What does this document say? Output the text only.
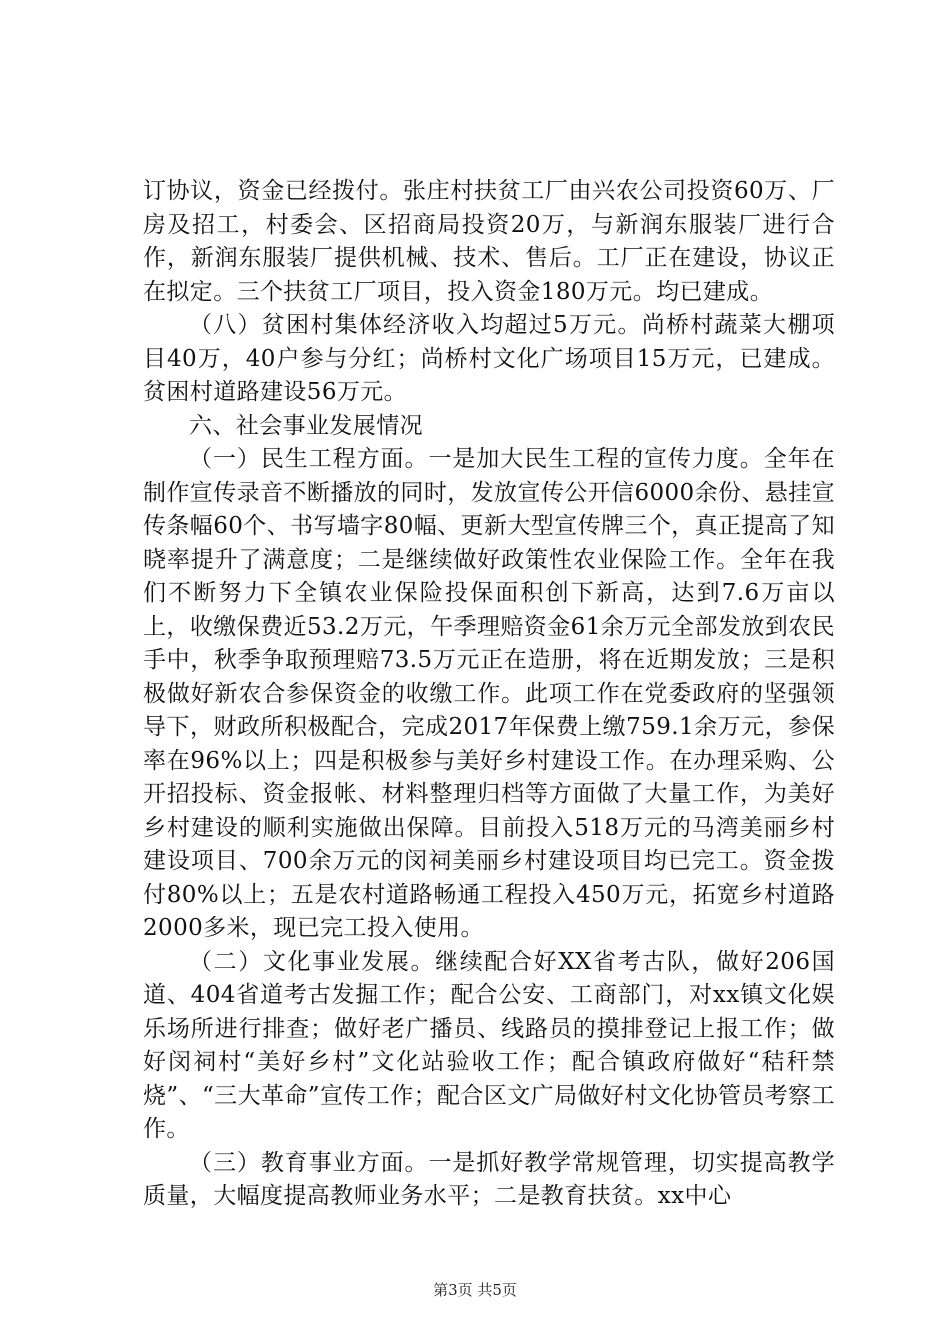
订协议，资金已经拨付。张庄村扶贫工厂由兴农公司投资60万、厂房及招工，村委会、区招商局投资20万，与新润东服装厂进行合作，新润东服装厂提供机械、技术、售后。工厂正在建设，协议正在拟定。三个扶贫工厂项目，投入资金180万元。均已建成。

（八）贫困村集体经济收入均超过5万元。尚桥村蔬菜大棚项目40万，40户参与分红；尚桥村文化广场项目15万元，已建成。贫困村道路建设56万元。

六、社会事业发展情况

（一）民生工程方面。一是加大民生工程的宣传力度。全年在制作宣传录音不断播放的同时，发放宣传公开信6000余份、悬挂宣传条幅60个、书写墙字80幅、更新大型宣传牌三个，真正提高了知晓率提升了满意度；二是继续做好政策性农业保险工作。全年在我们不断努力下全镇农业保险投保面积创下新高，达到7.6万亩以上，收缴保费近53.2万元，午季理赔资金61余万元全部发放到农民手中，秋季争取预理赔73.5万元正在造册，将在近期发放；三是积极做好新农合参保资金的收缴工作。此项工作在党委政府的坚强领导下，财政所积极配合，完成2017年保费上缴759.1余万元，参保率在96%以上；四是积极参与美好乡村建设工作。在办理采购、公开招投标、资金报帐、材料整理归档等方面做了大量工作，为美好乡村建设的顺利实施做出保障。目前投入518万元的马湾美丽乡村建设项目、700余万元的闵祠美丽乡村建设项目均已完工。资金拨付80%以上；五是农村道路畅通工程投入450万元，拓宽乡村道路2000多米，现已完工投入使用。

（二）文化事业发展。继续配合好XX省考古队，做好206国道、404省道考古发掘工作；配合公安、工商部门，对xx镇文化娱乐场所进行排查；做好老广播员、线路员的摸排登记上报工作；做好闵祠村“美好乡村”文化站验收工作；配合镇政府做好“秸秆禁烧”、“三大革命”宣传工作；配合区文广局做好村文化协管员考察工作。

（三）教育事业方面。一是抓好教学常规管理，切实提高教学质量，大幅度提高教师业务水平；二是教育扶贫。xx中心

第3页 共5页
